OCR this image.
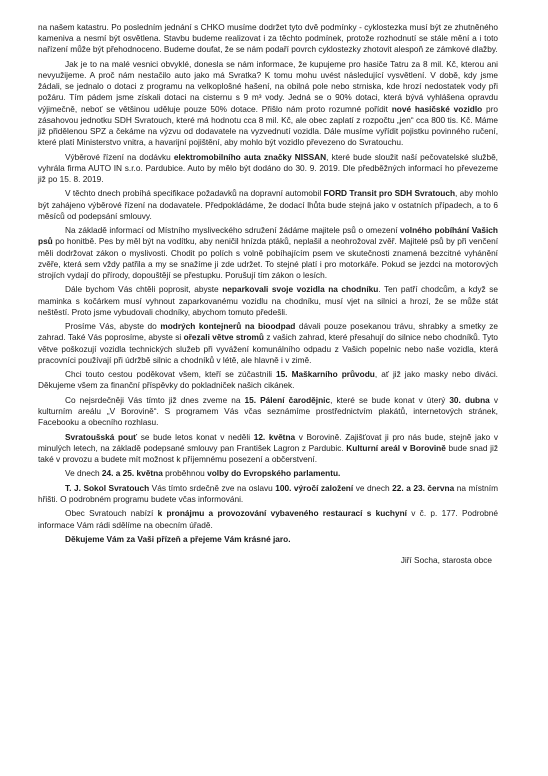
na našem katastru. Po posledním jednání s CHKO musíme dodržet tyto dvě podmínky - cyklostezka musí být ze zhutněného kamenivа a nesmí být osvětlena. Stavbu budeme realizovat i za těchto podmínek, protože rozhodnutí se stále mění a i toto nařízení může být přehodnoceno. Budeme doufat, že se nám podaří povrch cyklostezky zhotovit alespoň ze zámkové dlažby.

Jak je to na malé vesnici obvyklé, donesla se nám informace, že kupujeme pro hasiče Tatru za 8 mil. Kč, kterou ani nevyužijeme. A proč nám nestačilo auto jako má Svratka? K tomu mohu uvést následující vysvětlení. V době, kdy jsme žádali, se jednalo o dotaci z programu na velkoplošné hašení, na obilná pole nebo strniska, kde hrozí nedostatek vody při požáru. Tím pádem jsme získali dotaci na cisternu s 9 m³ vody. Jedná se o 90% dotaci, která bývá vyhlášena opravdu výjimečně, neboť se většinou uděluje pouze 50% dotace. Přišlo nám proto rozumné pořídit nové hasičské vozidlo pro zásahovou jednotku SDH Svratouch, které má hodnotu cca 8 mil. Kč, ale obec zaplatí z rozpočtu „jen“ cca 800 tis. Kč. Máme již přidělenou SPZ a čekáme na výzvu od dodavatele na vyzvednutí vozidla. Dále musíme vyřídit pojistku povinného ručení, které platí Ministerstvo vnitra, a havarijní pojištění, aby mohlo být vozidlo převezeno do Svratouchu.

Výběrové řízení na dodávku elektromobilního auta značky NISSAN, které bude sloužit naší pečovatelské službě, vyhrála firma AUTO IN s.r.o. Pardubice. Auto by mělo být dodáno do 30. 9. 2019. Dle předběžných informací ho převezeme již po 15. 8. 2019.

V těchto dnech probíhá specifikace požadavků na dopravní automobil FORD Transit pro SDH Svratouch, aby mohlo být zahájeno výběrové řízení na dodavatele. Předpokládáme, že dodací lhůta bude stejná jako v ostatních případech, a to 6 měsíců od podepsání smlouvy.

Na základě informací od Místního mysliveckého sdružení žádáme majitele psů o omezení volného pobíhání Vašich psů po honitbě. Pes by měl být na vodítku, aby neničil hnízda ptáků, neplašil a neohrožoval zvěř. Majitelé psů by při venčení měli dodržovat zákon o myslivosti. Chodit po polích s volně pobíhajícím psem ve skutečnosti znamená bezcitné vyhánění zvěře, která sem vždy patřila a my se snažíme ji zde udržet. To stejné platí i pro motorkáře. Pokud se jezdci na motorových strojích vydají do přírody, dopouštějí se přestupku. Porušují tím zákon o lesích.

Dále bychom Vás chtěli poprosit, abyste neparkovali svoje vozidla na chodníku. Ten patří chodcům, a když se maminka s kočárkem musí vyhnout zaparkovanému vozidlu na chodníku, musí vjet na silnici a hrozí, že se může stát neštěstí. Proto jsme vybudovali chodníky, abychom tomuto předešli.

Prosíme Vás, abyste do modrých kontejnerů na bioodpad dávali pouze posekanou trávu, shrabky a smetky ze zahrad. Také Vás poprosíme, abyste si ořezali větve stromů z vašich zahrad, které přesahují do silnice nebo chodníků. Tyto větve poškozují vozidla technických služeb při vyvážení komunálního odpadu z Vašich popelnic nebo naše vozidla, která pracovníci používají při údržbě silnic a chodníků v létě, ale hlavně i v zimě.

Chci touto cestou poděkovat všem, kteří se zúčastnili 15. Maškarního průvodu, ať již jako masky nebo diváci. Děkujeme všem za finanční příspěvky do pokladniček našich cikánek.

Co nejsrdečněji Vás tímto již dnes zveme na 15. Pálení čarodějnic, které se bude konat v úterý 30. dubna v kulturním areálu „V Borovině“. S programem Vás včas seznámíme prostřednictvím plakátů, internetových stránek, Facebooku a obecního rozhlasu.

Svratoušská pouť se bude letos konat v neděli 12. května v Borovině. Zajišťovat ji pro nás bude, stejně jako v minulých letech, na základě podepsané smlouvy pan František Lagron z Pardubic. Kulturní areál v Borovině bude snad již také v provozu a budete mít možnost k příjemnému posezení a občerstvení.

Ve dnech 24. a 25. května proběhnou volby do Evropského parlamentu.

T. J. Sokol Svratouch Vás tímto srdečně zve na oslavu 100. výročí založení ve dnech 22. a 23. června na místním hřišti. O podrobném programu budete včas informováni.

Obec Svratouch nabízí k pronájmu a provozování vybaveného restaurací s kuchyní v č. p. 177. Podrobné informace Vám rádi sdělíme na obecním úřadě.

Děkujeme Vám za Vaši přízeň a přejeme Vám krásné jaro.

Jiří Socha, starosta obce
